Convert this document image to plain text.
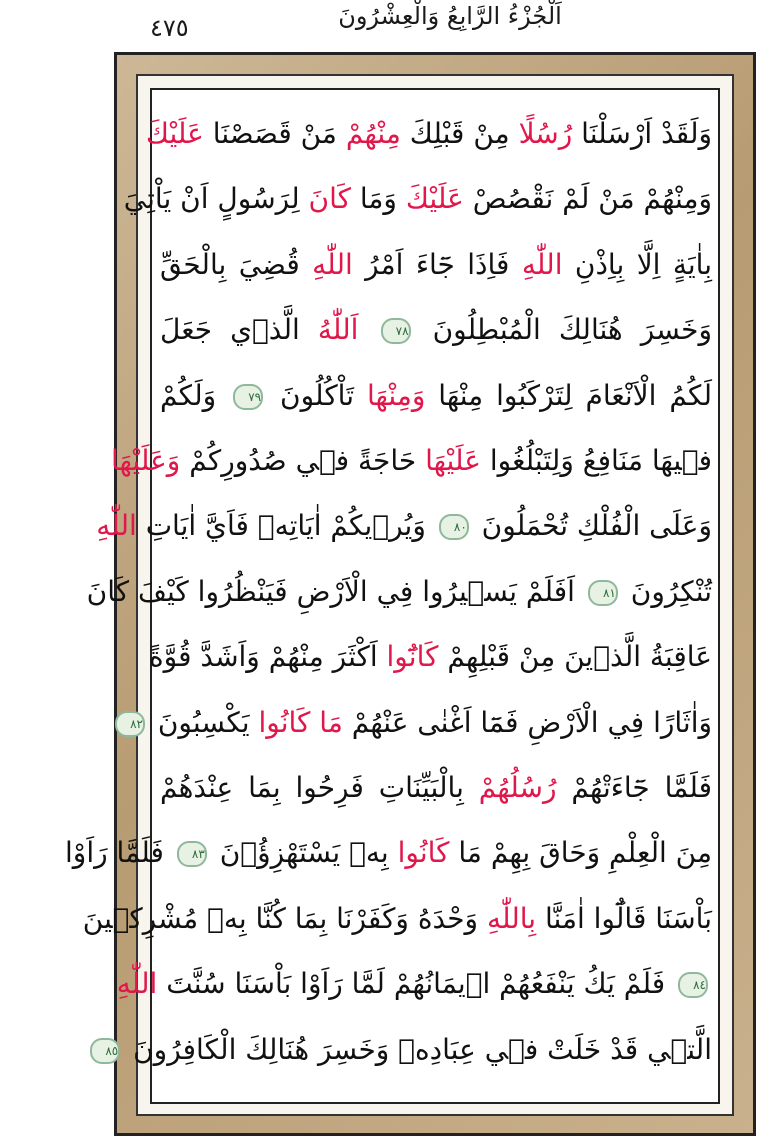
٤٧٥	اَلْجُزْءُ الرَّابِعُ وَالْعِشْرُونَ
وَلَقَدْ اَرْسَلْنَا رُسُلًا مِنْ قَبْلِكَ مِنْهُمْ مَنْ قَصَصْنَا عَلَيْكَ
وَمِنْهُمْ مَنْ لَمْ نَقْصُصْ عَلَيْكَ وَمَا كَانَ لِرَسُولٍ اَنْ يَاْتِيَ
بِاٰيَةٍ اِلَّا بِاِذْنِ اللّٰهِ فَاِذَا جَٓاءَ اَمْرُ اللّٰهِ قُضِيَ بِالْحَقِّ
وَخَسِرَ هُنَالِكَ الْمُبْطِلُونَ ٧٨ اَللّٰهُ الَّذ۪ي جَعَلَ
لَكُمُ الْاَنْعَامَ لِتَرْكَبُوا مِنْهَا وَمِنْهَا تَاْكُلُونَ ٧٩ وَلَكُمْ
ف۪يهَا مَنَافِعُ وَلِتَبْلُغُوا عَلَيْهَا حَاجَةً ف۪ي صُدُورِكُمْ وَعَلَيْهَا
وَعَلَى الْفُلْكِ تُحْمَلُونَ ٨٠ وَيُر۪يكُمْ اٰيَاتِه۪ فَاَيَّ اٰيَاتِ اللّٰهِ
تُنْكِرُونَ ٨١ اَفَلَمْ يَس۪يرُوا فِي الْاَرْضِ فَيَنْظُرُوا كَيْفَ كَانَ
عَاقِبَةُ الَّذ۪ينَ مِنْ قَبْلِهِمْ كَانُٓوا اَكْثَرَ مِنْهُمْ وَاَشَدَّ قُوَّةً
وَاٰثَارًا فِي الْاَرْضِ فَمَٓا اَغْنٰى عَنْهُمْ مَا كَانُوا يَكْسِبُونَ ٨٢
فَلَمَّا جَٓاءَتْهُمْ رُسُلُهُمْ بِالْبَيِّنَاتِ فَرِحُوا بِمَا عِنْدَهُمْ
مِنَ الْعِلْمِ وَحَاقَ بِهِمْ مَا كَانُوا بِه۪ يَسْتَهْزِؤُ۫نَ ٨٣ فَلَمَّا رَاَوْا
بَاْسَنَا قَالُٓوا اٰمَنَّا بِاللّٰهِ وَحْدَهُ وَكَفَرْنَا بِمَا كُنَّا بِه۪ مُشْرِك۪ينَ
٨٤ فَلَمْ يَكُ يَنْفَعُهُمْ ا۪يمَانُهُمْ لَمَّا رَاَوْا بَاْسَنَا سُنَّتَ اللّٰهِ
الَّت۪ي قَدْ خَلَتْ ف۪ي عِبَادِه۪ وَخَسِرَ هُنَالِكَ الْكَافِرُونَ ٨٥
